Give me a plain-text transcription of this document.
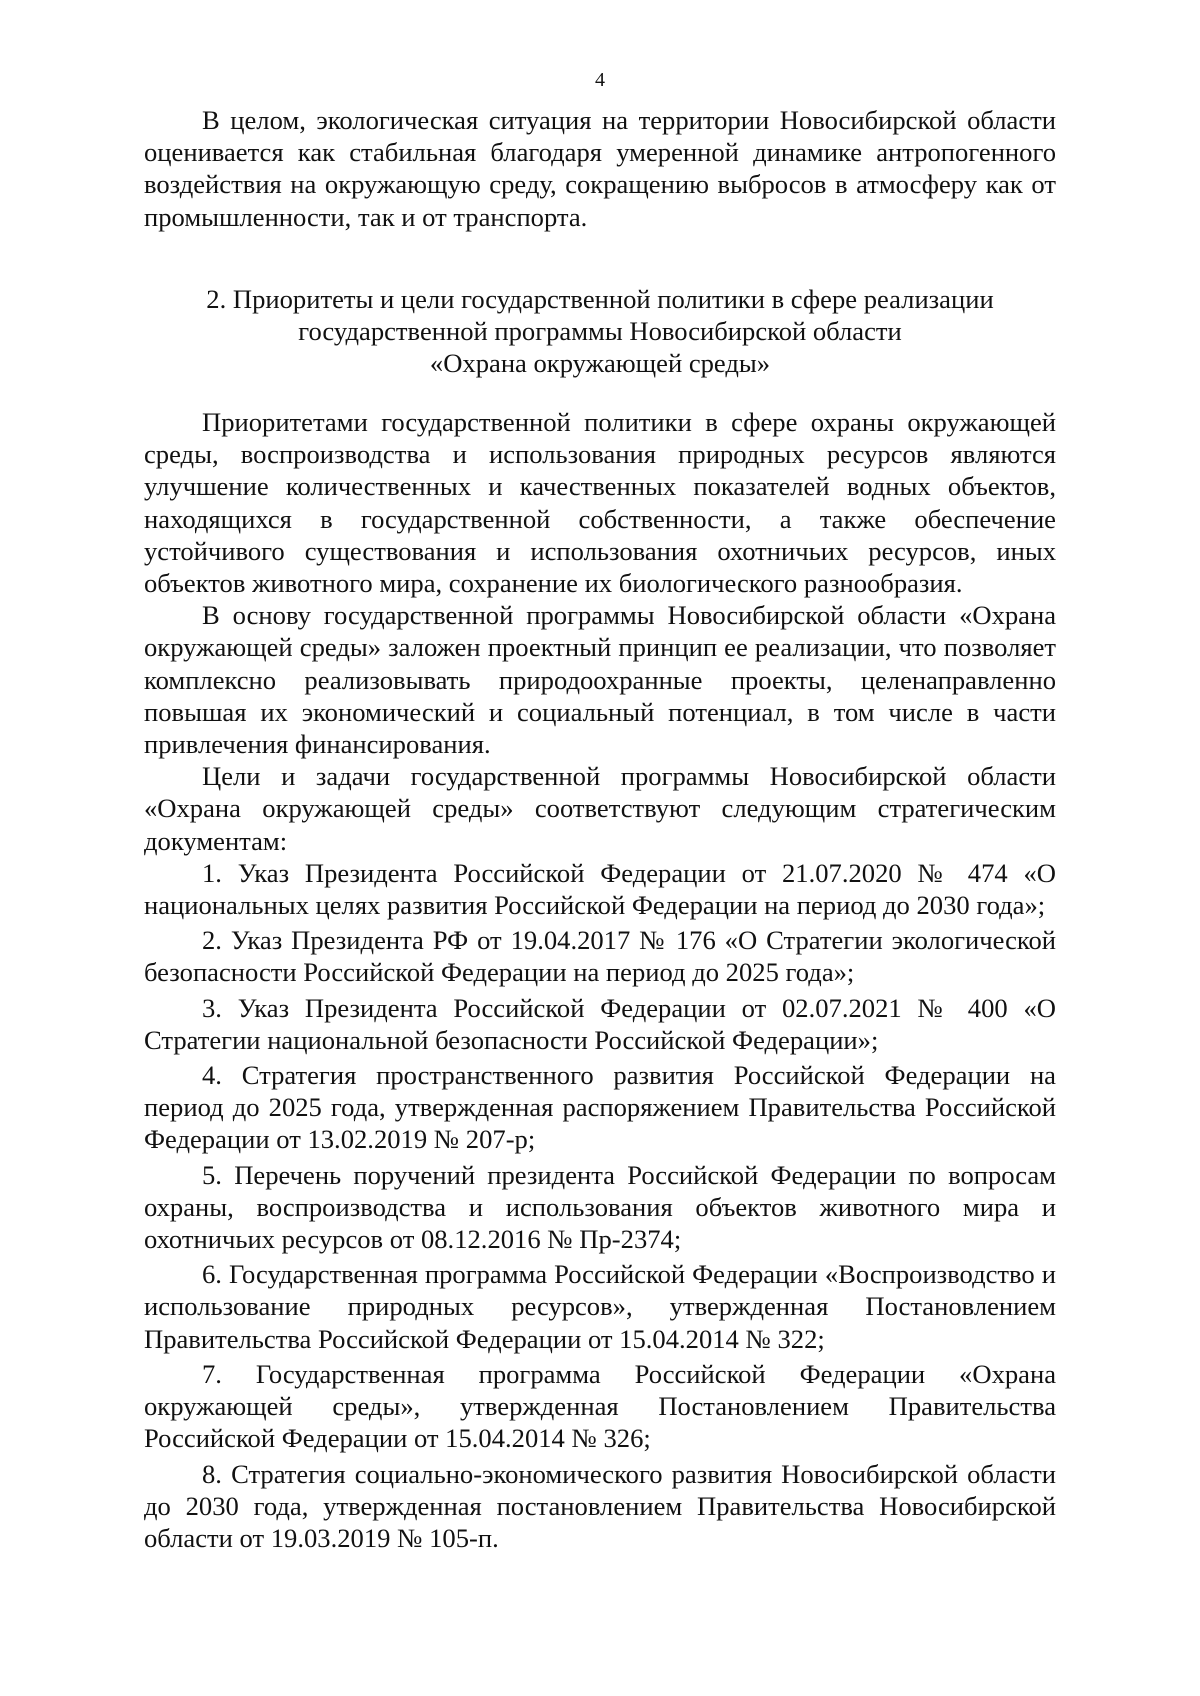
4

В целом, экологическая ситуация на территории Новосибирской области оценивается как стабильная благодаря умеренной динамике антропогенного воздействия на окружающую среду, сокращению выбросов в атмосферу как от промышленности, так и от транспорта.

2. Приоритеты и цели государственной политики в сфере реализации
государственной программы Новосибирской области
«Охрана окружающей среды»

Приоритетами государственной политики в сфере охраны окружающей среды, воспроизводства и использования природных ресурсов являются улучшение количественных и качественных показателей водных объектов, находящихся в государственной собственности, а также обеспечение устойчивого существования и использования охотничьих ресурсов, иных объектов животного мира, сохранение их биологического разнообразия.

В основу государственной программы Новосибирской области «Охрана окружающей среды» заложен проектный принцип ее реализации, что позволяет комплексно реализовывать природоохранные проекты, целенаправленно повышая их экономический и социальный потенциал, в том числе в части привлечения финансирования.

Цели и задачи государственной программы Новосибирской области «Охрана окружающей среды» соответствуют следующим стратегическим документам:

1. Указ Президента Российской Федерации от 21.07.2020 № 474 «О национальных целях развития Российской Федерации на период до 2030 года»;
2. Указ Президента РФ от 19.04.2017 № 176 «О Стратегии экологической безопасности Российской Федерации на период до 2025 года»;
3. Указ Президента Российской Федерации от 02.07.2021 № 400 «О Стратегии национальной безопасности Российской Федерации»;
4. Стратегия пространственного развития Российской Федерации на период до 2025 года, утвержденная распоряжением Правительства Российской Федерации от 13.02.2019 № 207-р;
5. Перечень поручений президента Российской Федерации по вопросам охраны, воспроизводства и использования объектов животного мира и охотничьих ресурсов от 08.12.2016 № Пр-2374;
6. Государственная программа Российской Федерации «Воспроизводство и использование природных ресурсов», утвержденная Постановлением Правительства Российской Федерации от 15.04.2014 № 322;
7. Государственная программа Российской Федерации «Охрана окружающей среды», утвержденная Постановлением Правительства Российской Федерации от 15.04.2014 № 326;
8. Стратегия социально-экономического развития Новосибирской области до 2030 года, утвержденная постановлением Правительства Новосибирской области от 19.03.2019 № 105-п.
